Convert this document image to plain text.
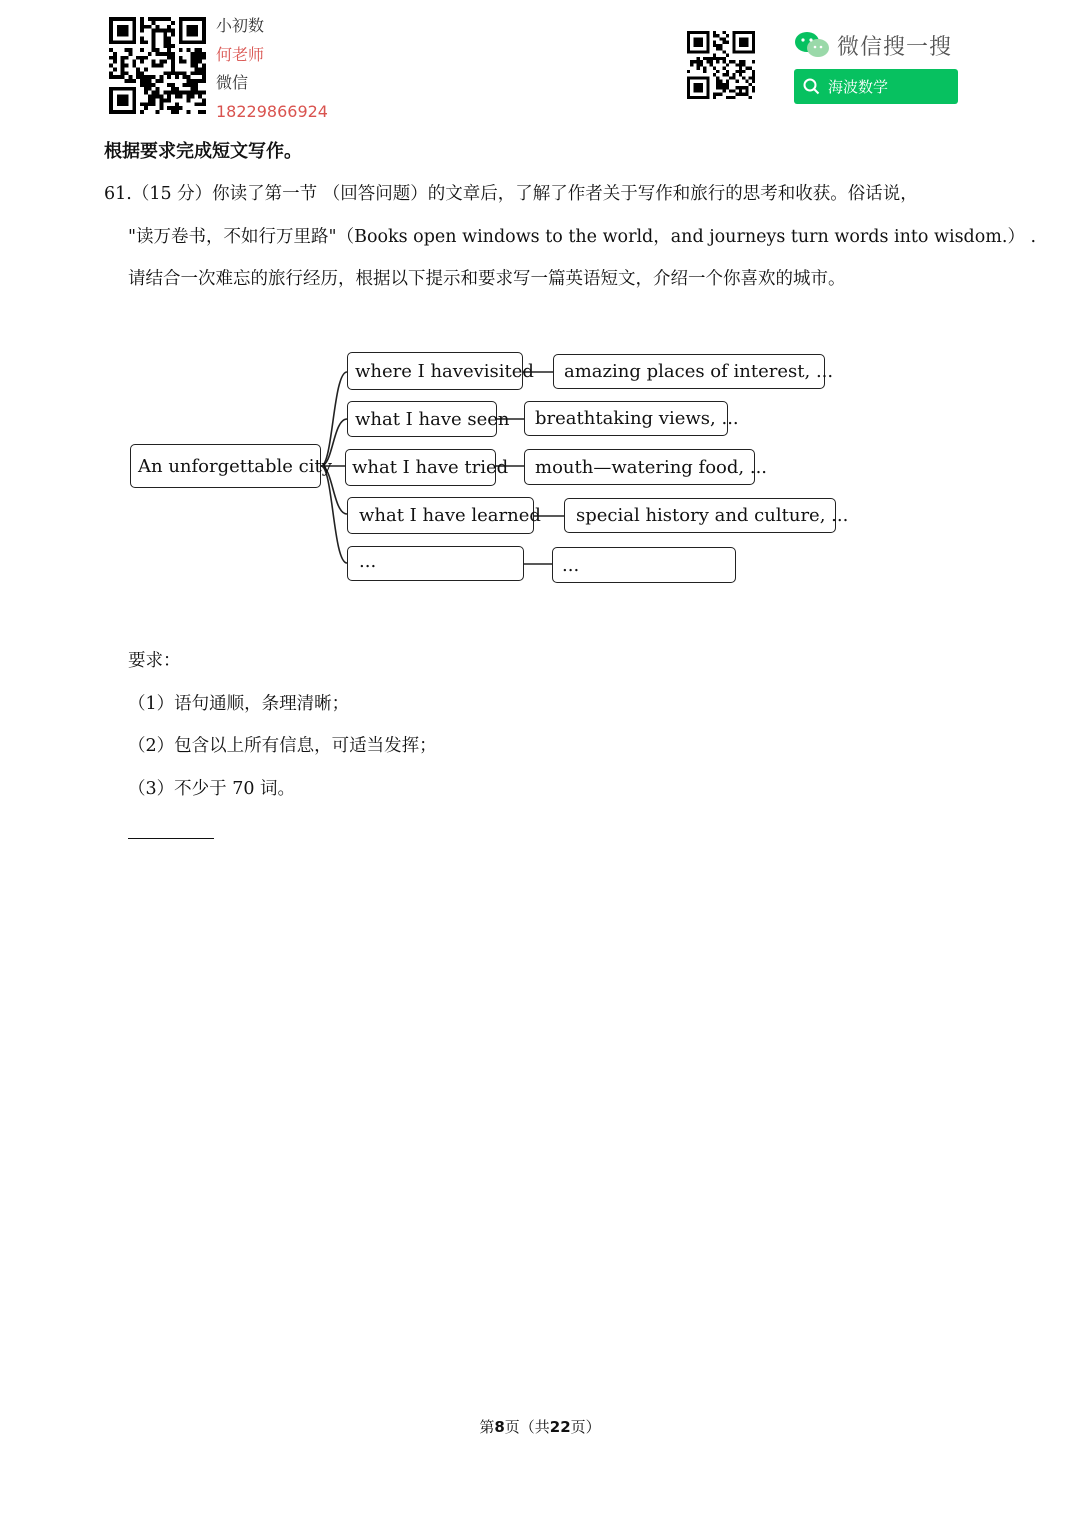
小初数
何老师
微信
18229866924
微信搜一搜
海波数学
根据要求完成短文写作。
61.（15 分）你读了第一节 （回答问题）的文章后，了解了作者关于写作和旅行的思考和收获。俗话说，
"读万卷书，不如行万里路"（Books open windows to the world，and journeys turn words into wisdom.） .
请结合一次难忘的旅行经历，根据以下提示和要求写一篇英语短文，介绍一个你喜欢的城市。
An unforgettable city
where I havevisited	amazing places of interest, ...
what I have seen	breathtaking views, ...
what I have tried	mouth—watering food, ...
what I have learned	special history and culture, ...
...	...
要求：
（1）语句通顺，条理清晰；
（2）包含以上所有信息，可适当发挥；
（3）不少于 70 词。
第8页（共22页）
